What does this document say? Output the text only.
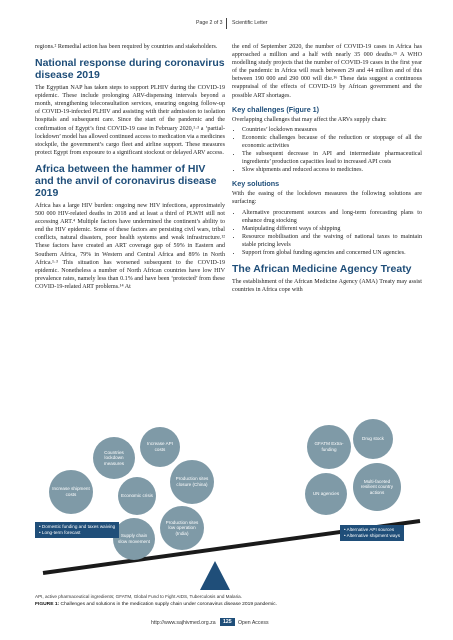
Page 2 of 3 Scientific Letter

regions.² Remedial action has been required by countries and stakeholders.

National response during coronavirus disease 2019

The Egyptian NAP has taken steps to support PLHIV during the COVID-19 epidemic. These include prolonging ARV-dispensing intervals beyond a month, strengthening teleconsultation services, ensuring ongoing follow-up of COVID-19-infected PLHIV and assisting with their admission to isolation hospitals and subsequent care. Since the start of the pandemic and the confirmation of Egypt’s first COVID-19 case in February 2020,¹·³ a ‘partial-lockdown’ model has allowed continued access to medication via a medicines stockpile, the government’s cargo fleet and airline support. These measures protect Egypt from exposure to a significant stockout or delayed ARV access.

Africa between the hammer of HIV and the anvil of coronavirus disease 2019

Africa has a large HIV burden: ongoing new HIV infections, approximately 500 000 HIV-related deaths in 2018 and at least a third of PLWH still not accessing ART.⁴ Multiple factors have undermined the continent’s ability to end the HIV epidemic. Some of these factors are persisting civil wars, tribal conflicts, natural disasters, poor health systems and weak infrastructure.¹² These factors have created an ART coverage gap of 59% in Eastern and Southern Africa, 79% in Western and Central Africa and 89% in North Africa.¹·³ This situation has worsened subsequent to the COVID-19 epidemic. Nonetheless a number of North African countries have low HIV prevalence rates, namely less than 0.1% and have been ‘protected’ from these COVID-19-related ART problems.¹⁴ At

the end of September 2020, the number of COVID-19 cases in Africa has approached a million and a half with nearly 35 000 deaths.¹⁵ A WHO modelling study projects that the number of COVID-19 cases in the first year of the pandemic in Africa will reach between 29 and 44 million and of this between 190 000 and 290 000 will die.¹⁶ These data suggest a continuous reappraisal of the effects of COVID-19 by African government and the possible ART shortages.

Key challenges (Figure 1)

Overlapping challenges that may affect the ARVs supply chain:

• Countries’ lockdown measures
• Economic challenges because of the reduction or stoppage of all the economic activities
• The subsequent decrease in API and intermediate pharmaceutical ingredients’ production capacities lead to increased API costs
• Slow shipments and reduced access to medicines.
Key solutions

With the easing of the lockdown measures the following solutions are surfacing:

• Alternative procurement sources and long-term forecasting plans to enhance drug stocking
• Manipulating different ways of shipping
• Resource mobilisation and the waiving of national taxes to maintain stable pricing levels
• Support from global funding agencies and concerned UN agencies.
The African Medicine Agency Treaty

The establishment of the African Medicine Agency (AMA) Treaty may assist countries in Africa cope with

Countries lockdown measures
Increase API costs
Increase shipment costs	Economic crisis
Production sites closure (China)
Supply chain slow movement
Production sites low operation (India)
GFATM Extra-funding
Drug stock
UN agencies
Multi-faceted resilient country actions
• Domestic funding and taxes waiving
• Long-term forecast
• Alternative API sources
• Alternative shipment ways
API, active pharmaceutical ingredients; GFATM, Global Fund to Fight AIDS, Tuberculosis and Malaria.
FIGURE 1: Challenges and solutions in the medication supply chain under coronavirus disease 2019 pandemic.
http://www.sajhivmed.org.za	125	Open Access
